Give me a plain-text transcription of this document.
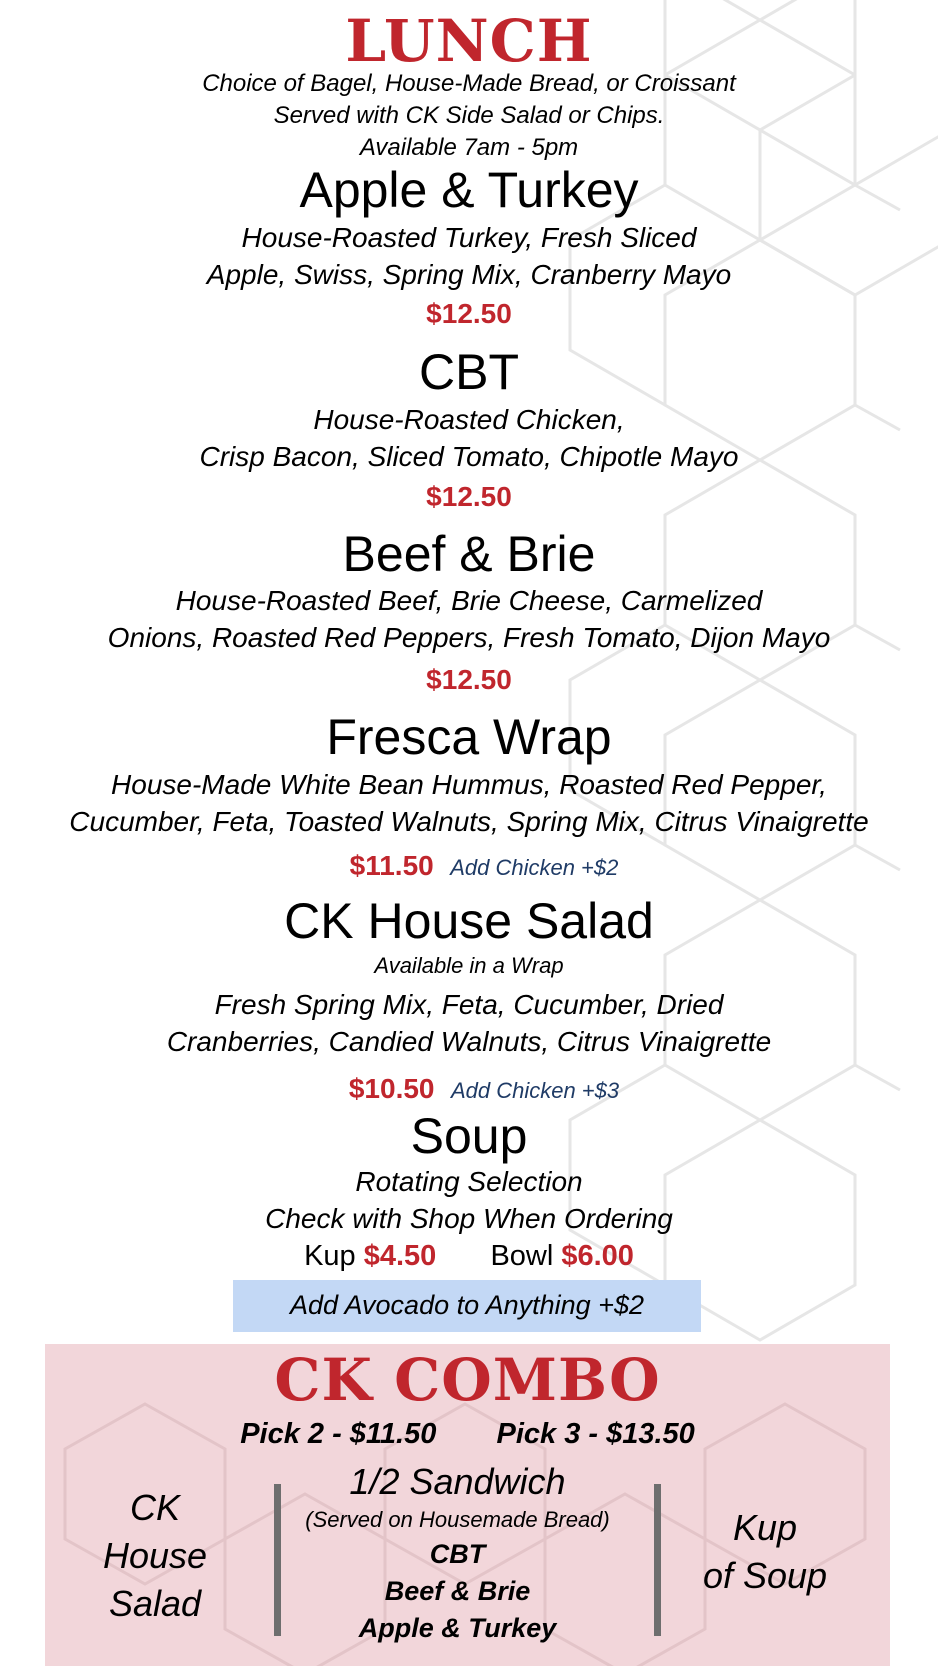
LUNCH
Choice of Bagel, House-Made Bread, or Croissant
Served with CK Side Salad or Chips.
Available 7am - 5pm
Apple & Turkey
House-Roasted Turkey, Fresh Sliced
Apple, Swiss, Spring Mix, Cranberry Mayo
$12.50
CBT
House-Roasted Chicken,
Crisp Bacon, Sliced Tomato, Chipotle Mayo
$12.50
Beef & Brie
House-Roasted Beef, Brie Cheese, Carmelized
Onions, Roasted Red Peppers, Fresh Tomato, Dijon Mayo
$12.50
Fresca Wrap
House-Made White Bean Hummus, Roasted Red Pepper,
Cucumber, Feta, Toasted Walnuts, Spring Mix, Citrus Vinaigrette
$11.50 Add Chicken +$2
CK House Salad
Available in a Wrap
Fresh Spring Mix, Feta, Cucumber, Dried
Cranberries, Candied Walnuts, Citrus Vinaigrette
$10.50 Add Chicken +$3
Soup
Rotating Selection
Check with Shop When Ordering
Kup $4.50 Bowl $6.00
Add Avocado to Anything +$2
CK COMBO
Pick 2 - $11.50 Pick 3 - $13.50
CK
House
Salad
1/2 Sandwich
(Served on Housemade Bread)
CBT
Beef & Brie
Apple & Turkey
Kup
of Soup
